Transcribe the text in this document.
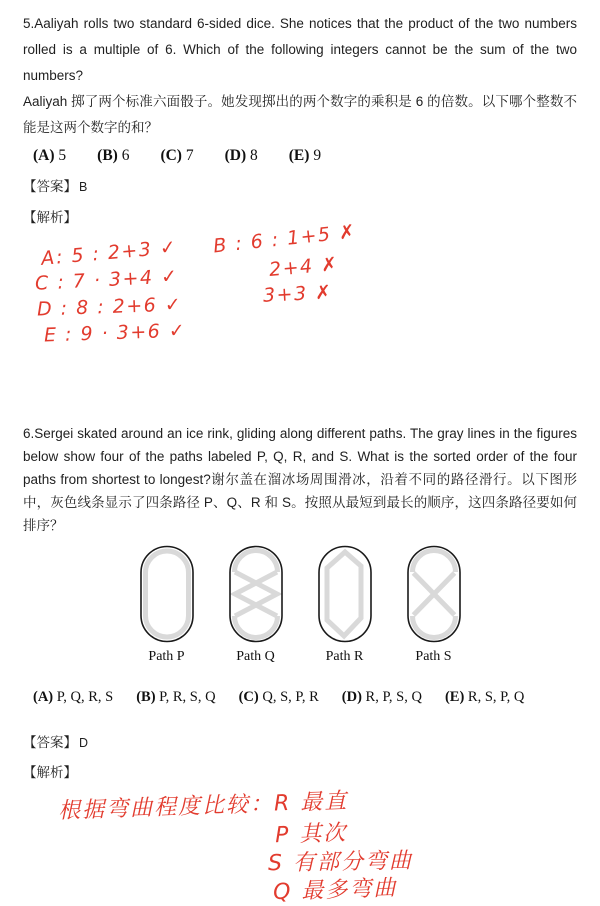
5.Aaliyah rolls two standard 6-sided dice. She notices that the product of the two numbers rolled is a multiple of 6. Which of the following integers cannot be the sum of the two numbers?

Aaliyah 掷了两个标准六面骰子。她发现掷出的两个数字的乘积是 6 的倍数。以下哪个整数不能是这两个数字的和？

(A) 5 (B) 6 (C) 7 (D) 8 (E) 9

【答案】 B

【解析】

A: 5 : 2+3 ✓
C : 7 · 3+4 ✓
D : 8 : 2+6 ✓
E : 9 · 3+6 ✓
B : 6 : 1+5 ✗
2+4 ✗
3+3 ✗

6.Sergei skated around an ice rink, gliding along different paths. The gray lines in the figures below show four of the paths labeled P, Q, R, and S. What is the sorted order of the four paths from shortest to longest?谢尔盖在溜冰场周围滑冰，沿着不同的路径滑行。以下图形中，灰色线条显示了四条路径 P、Q、R 和 S。按照从最短到最长的顺序，这四条路径要如何排序？

Path P	Path Q	Path R	Path S
(A) P, Q, R, S (B) P, R, S, Q (C) Q, S, P, R (D) R, P, S, Q (E) R, S, P, Q

【答案】 D

【解析】

根据弯曲程度比较：R 最直
P 其次
S 有部分弯曲
Q 最多弯曲
